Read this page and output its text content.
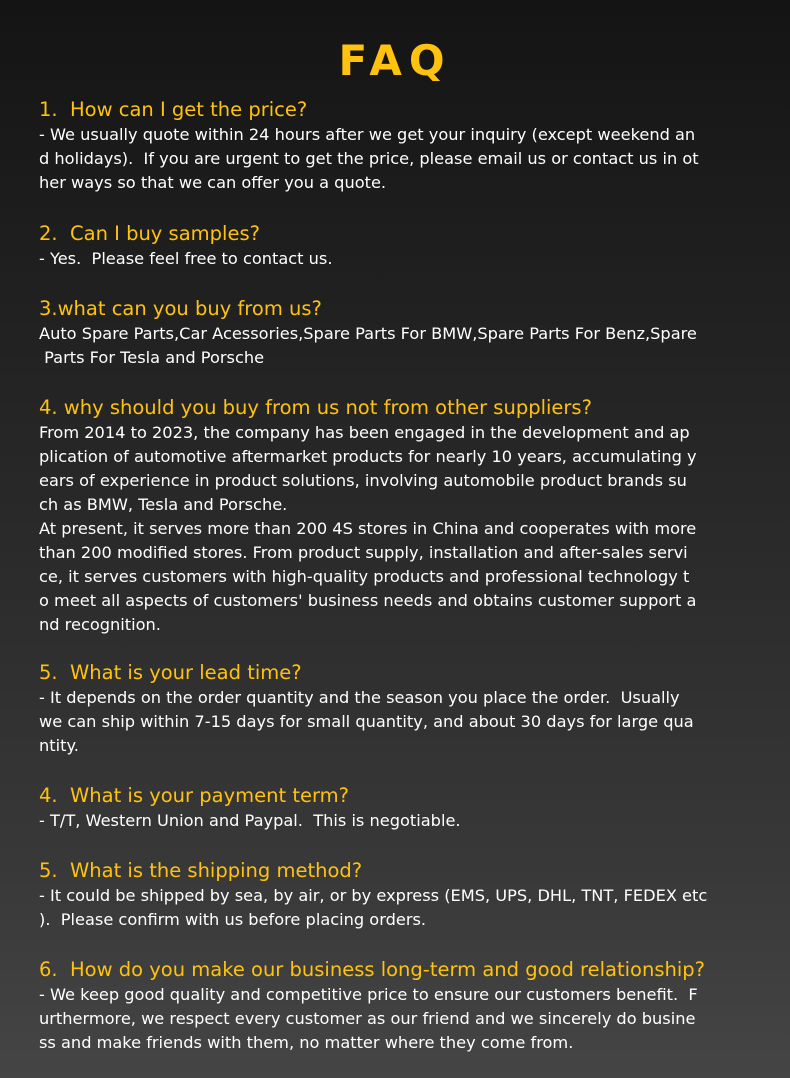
FAQ

1.  How can I get the price?

- We usually quote within 24 hours after we get your inquiry (except weekend an
d holidays).  If you are urgent to get the price, please email us or contact us in ot
her ways so that we can offer you a quote.

2.  Can I buy samples?

- Yes.  Please feel free to contact us.

3.what can you buy from us?

Auto Spare Parts,Car Acessories,Spare Parts For BMW,Spare Parts For Benz,Spare
Parts For Tesla and Porsche

4. why should you buy from us not from other suppliers?

From 2014 to 2023, the company has been engaged in the development and ap
plication of automotive aftermarket products for nearly 10 years, accumulating y
ears of experience in product solutions, involving automobile product brands su
ch as BMW, Tesla and Porsche.
At present, it serves more than 200 4S stores in China and cooperates with more
than 200 modified stores. From product supply, installation and after-sales servi
ce, it serves customers with high-quality products and professional technology t
o meet all aspects of customers' business needs and obtains customer support a
nd recognition.

5.  What is your lead time?

- It depends on the order quantity and the season you place the order.  Usually
we can ship within 7-15 days for small quantity, and about 30 days for large qua
ntity.

4.  What is your payment term?

- T/T, Western Union and Paypal.  This is negotiable.

5.  What is the shipping method?

- It could be shipped by sea, by air, or by express (EMS, UPS, DHL, TNT, FEDEX etc
).  Please confirm with us before placing orders.

6.  How do you make our business long-term and good relationship?

- We keep good quality and competitive price to ensure our customers benefit.  F
urthermore, we respect every customer as our friend and we sincerely do busine
ss and make friends with them, no matter where they come from.
